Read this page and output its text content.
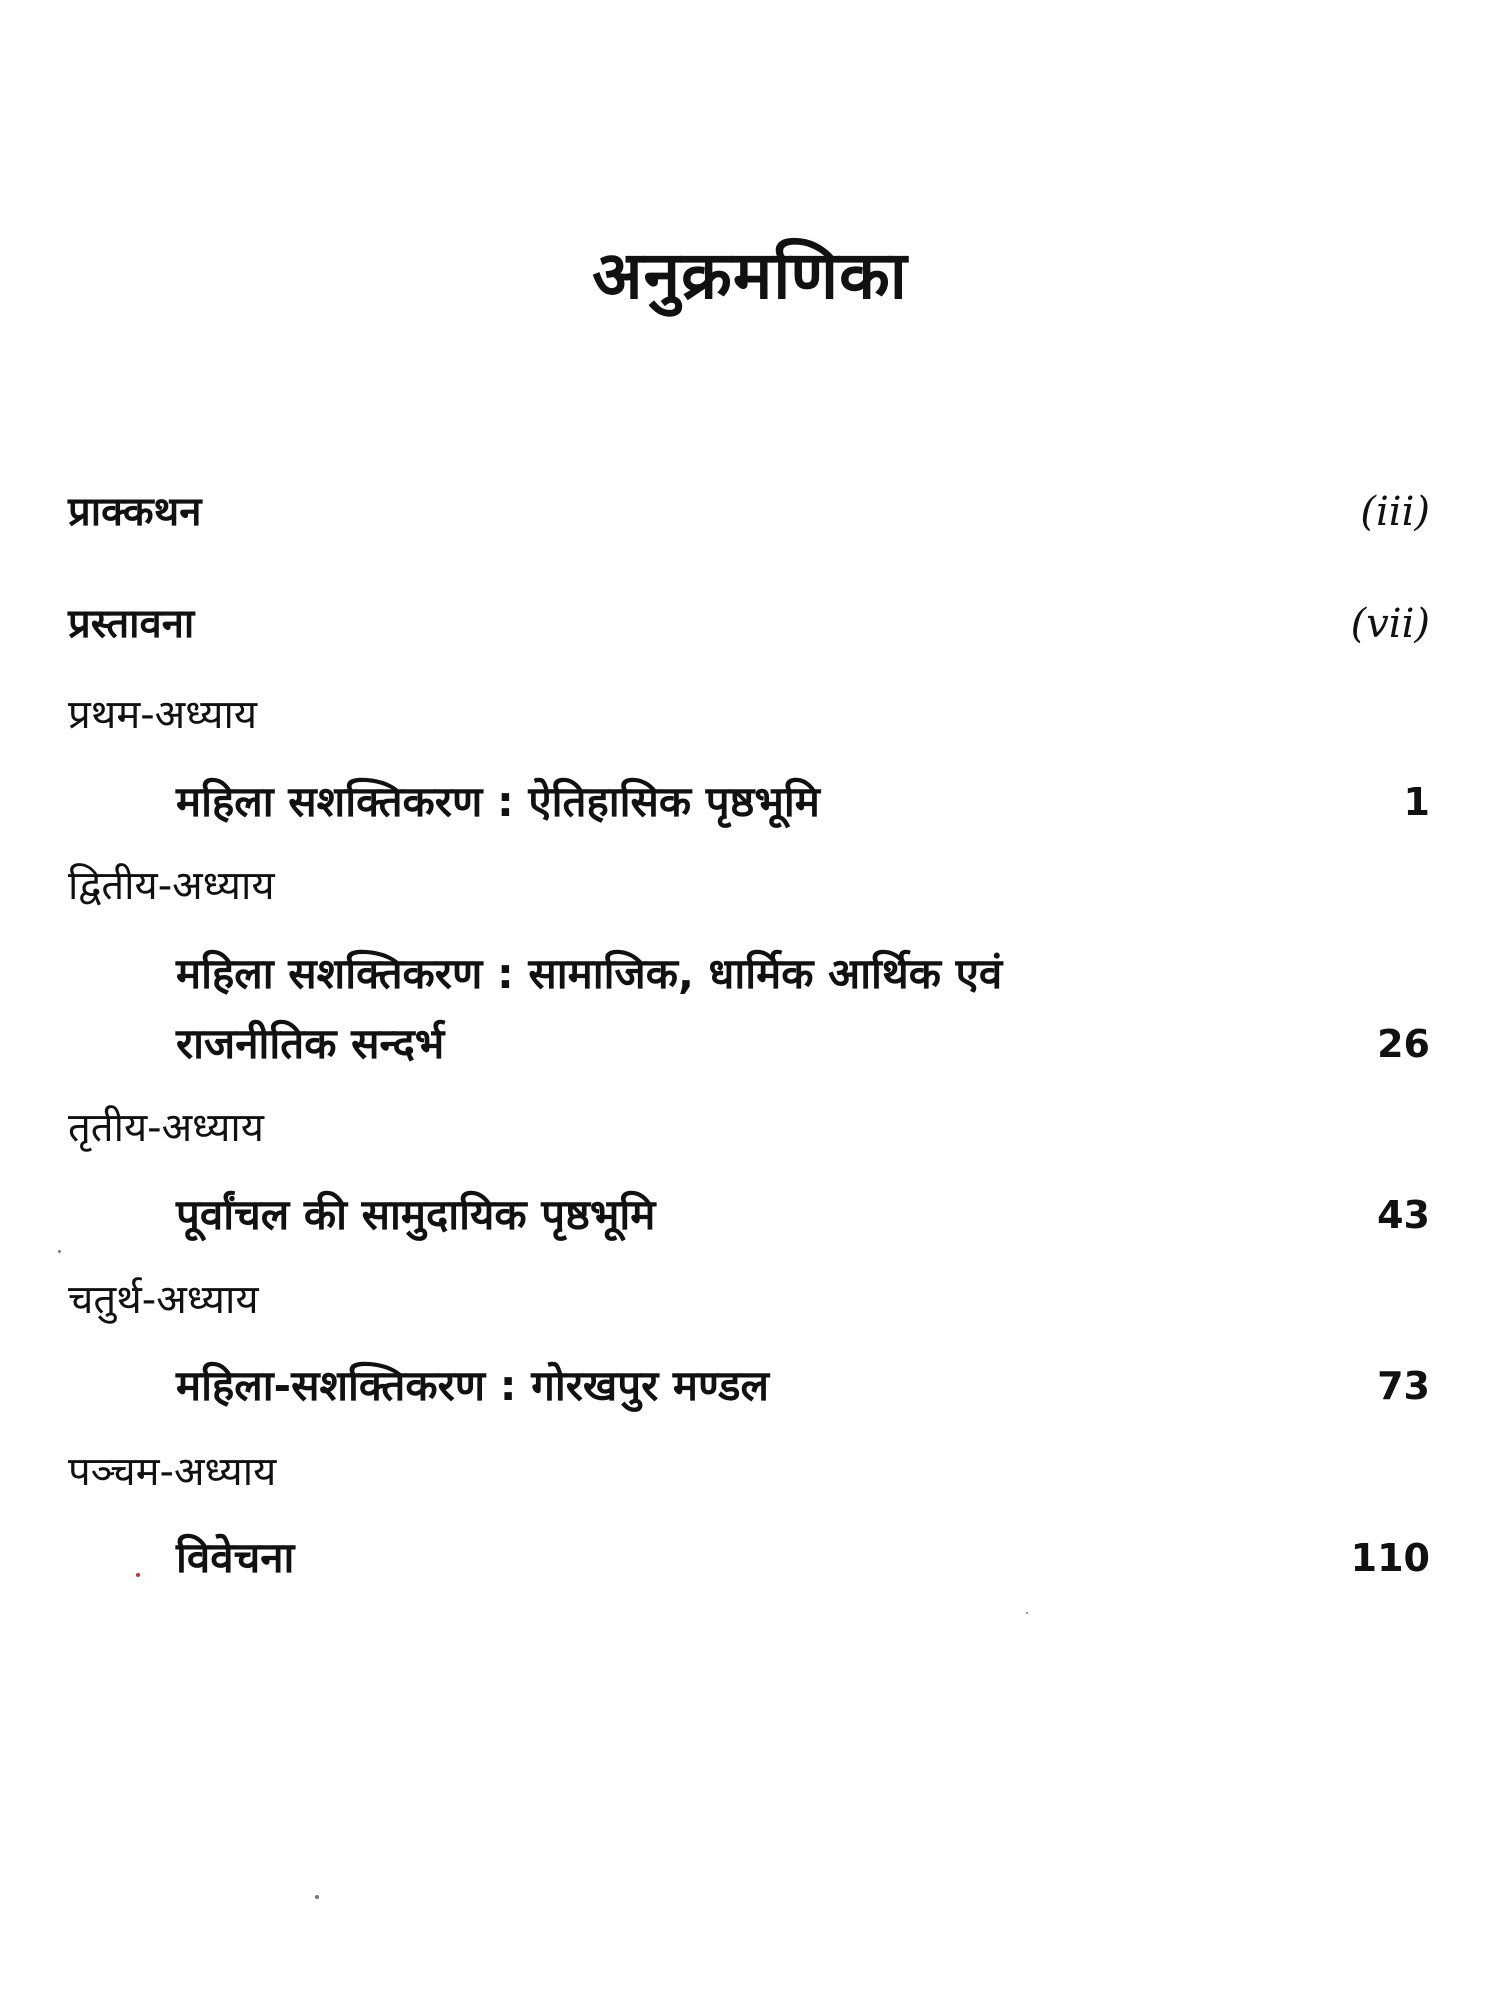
अनुक्रमणिका
प्राक्कथन	(iii)
प्रस्तावना	(vii)
प्रथम-अध्याय
महिला सशक्तिकरण : ऐतिहासिक पृष्ठभूमि	1
द्वितीय-अध्याय
महिला सशक्तिकरण : सामाजिक, धार्मिक आर्थिक एवं
राजनीतिक सन्दर्भ	26
तृतीय-अध्याय
पूर्वांचल की सामुदायिक पृष्ठभूमि	43
चतुर्थ-अध्याय
महिला-सशक्तिकरण : गोरखपुर मण्डल	73
पञ्चम-अध्याय
विवेचना	110
